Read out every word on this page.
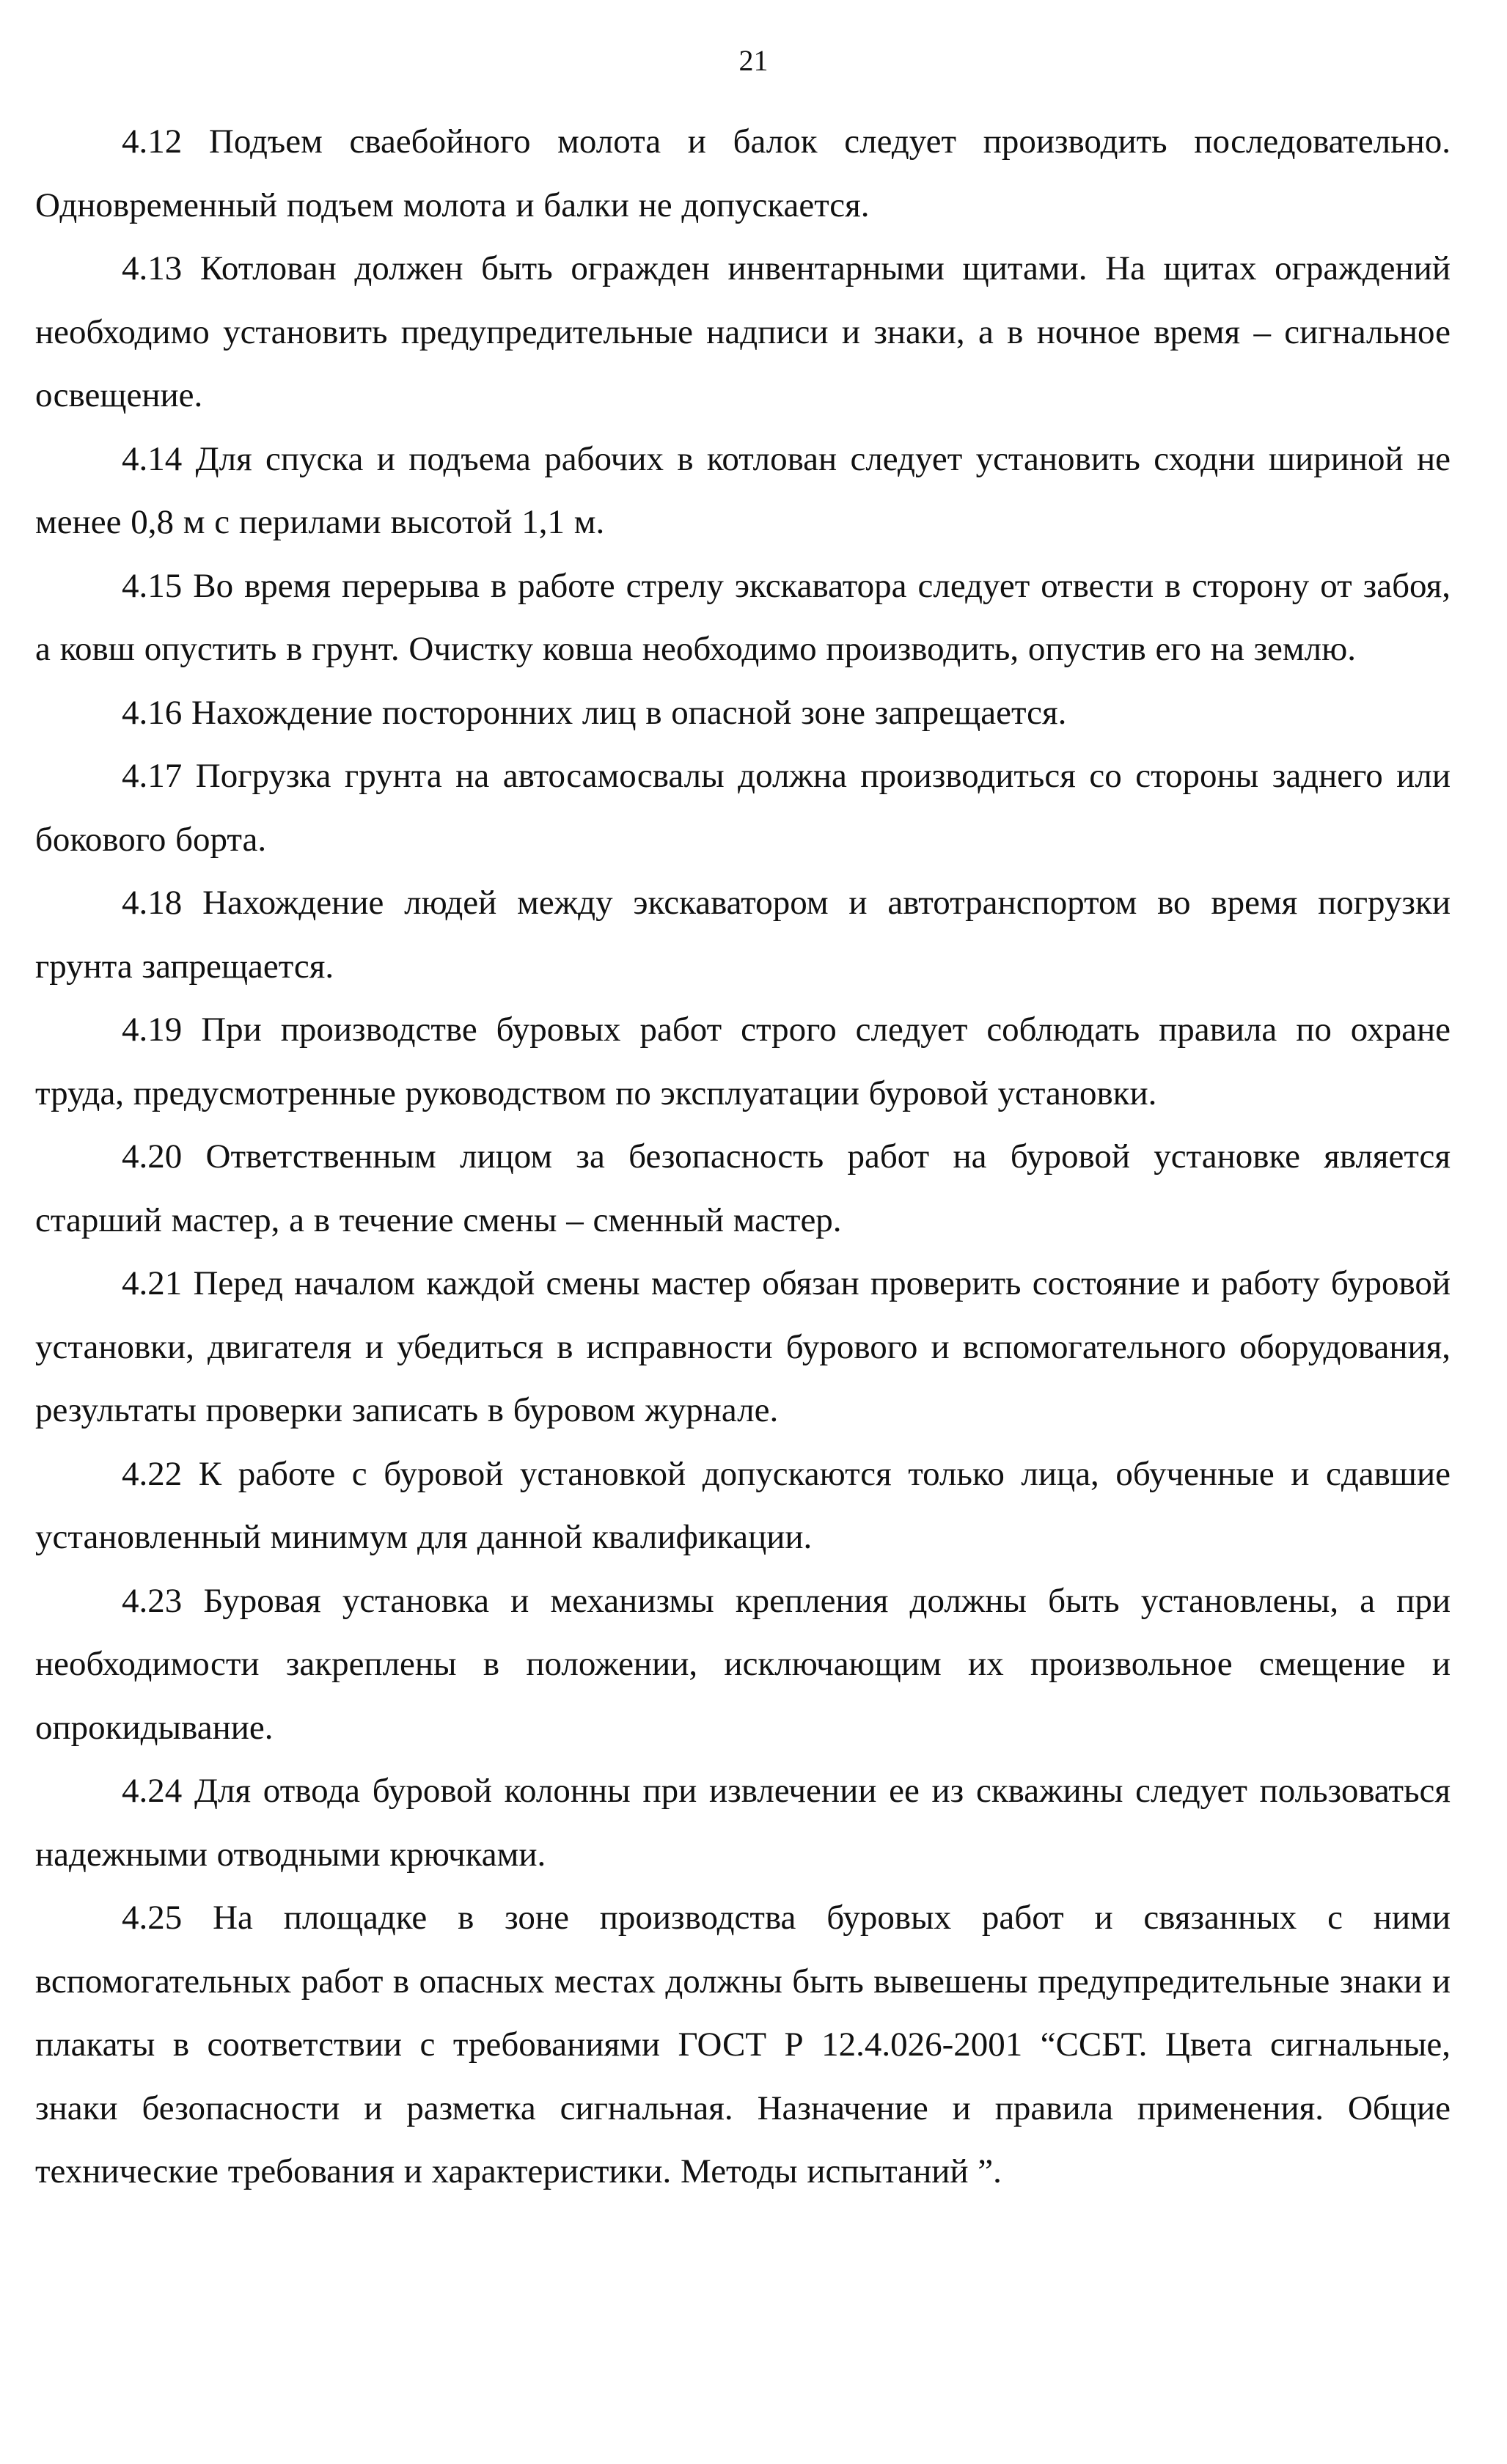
21

4.12 Подъем сваебойного молота и балок следует производить последовательно. Одновременный подъем молота и балки не допускается.

4.13 Котлован должен быть огражден инвентарными щитами. На щитах ограждений необходимо установить предупредительные надписи и знаки, а в ночное время – сигнальное освещение.

4.14 Для спуска и подъема рабочих в котлован следует установить сходни шириной не менее 0,8 м с перилами высотой 1,1 м.

4.15 Во время перерыва в работе стрелу экскаватора следует отвести в сторону от забоя, а ковш опустить в грунт. Очистку ковша необходимо производить, опустив его на землю.

4.16 Нахождение посторонних лиц в опасной зоне запрещается.

4.17 Погрузка грунта на автосамосвалы должна производиться со стороны заднего или бокового борта.

4.18 Нахождение людей между экскаватором и автотранспортом во время погрузки грунта запрещается.

4.19 При производстве буровых работ строго следует соблюдать правила по охране труда, предусмотренные руководством по эксплуатации буровой установки.

4.20 Ответственным лицом за безопасность работ на буровой установке является старший мастер, а в течение смены – сменный мастер.

4.21 Перед началом каждой смены мастер обязан проверить состояние и работу буровой установки, двигателя и убедиться в исправности бурового и вспомогательного оборудования, результаты проверки записать в буровом журнале.

4.22 К работе с буровой установкой допускаются только лица, обученные и сдавшие установленный минимум для данной квалификации.

4.23 Буровая установка и механизмы крепления должны быть установлены, а при необходимости закреплены в положении, исключающим их произвольное смещение и опрокидывание.

4.24 Для отвода буровой колонны при извлечении ее из скважины следует пользоваться надежными отводными крючками.

4.25 На площадке в зоне производства буровых работ и связанных с ними вспомогательных работ в опасных местах должны быть вывешены предупредительные знаки и плакаты в соответствии с требованиями ГОСТ Р 12.4.026-2001 “ССБТ. Цвета сигнальные, знаки безопасности и разметка сигнальная. Назначение и правила применения. Общие технические требования и характеристики. Методы испытаний ”.
